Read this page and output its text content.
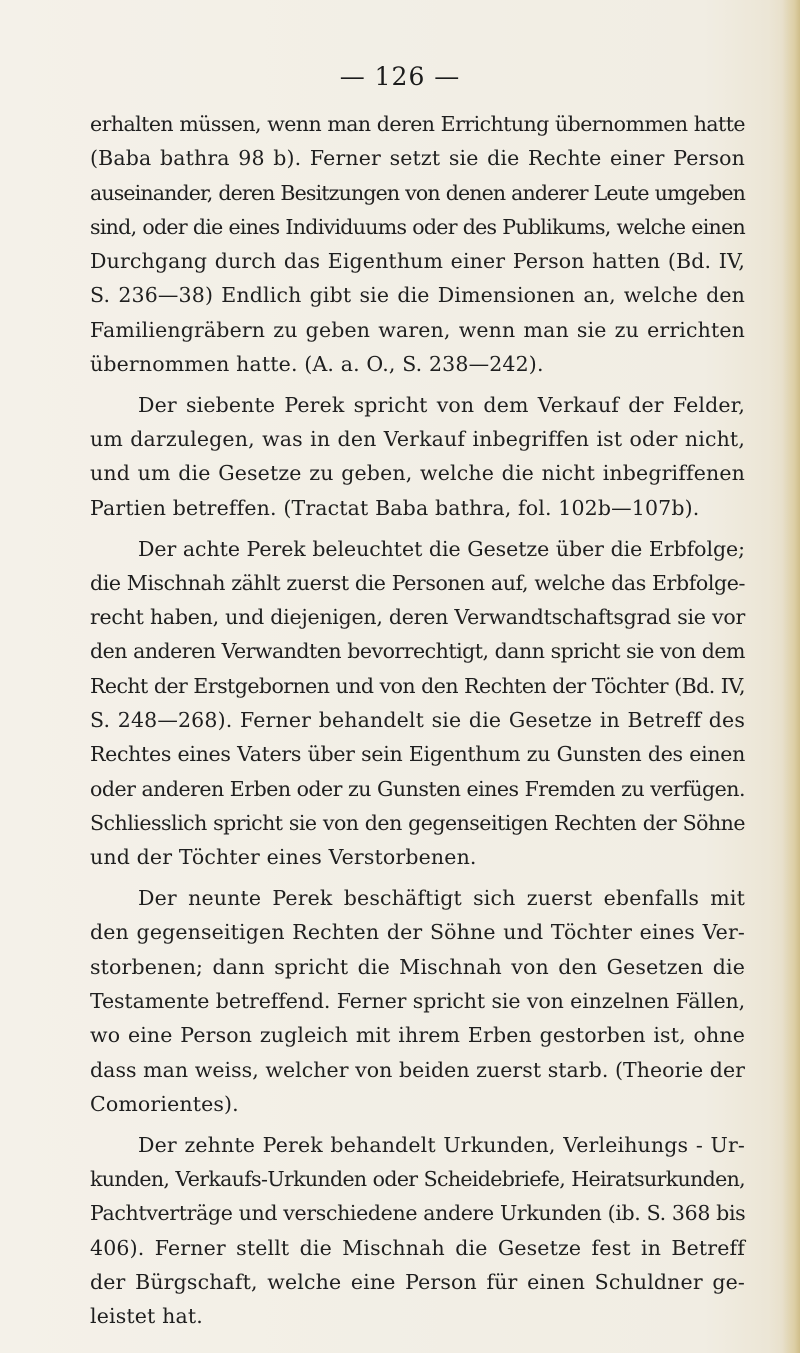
— 126 —
erhalten müssen, wenn man deren Errichtung übernommen hatte
(Baba bathra 98 b). Ferner setzt sie die Rechte einer Person
auseinander, deren Besitzungen von denen anderer Leute umgeben
sind, oder die eines Individuums oder des Publikums, welche einen
Durchgang durch das Eigenthum einer Person hatten (Bd. IV,
S. 236—38) Endlich gibt sie die Dimensionen an, welche den
Familiengräbern zu geben waren, wenn man sie zu errichten
übernommen hatte. (A. a. O., S. 238—242).
Der siebente Perek spricht von dem Verkauf der Felder,
um darzulegen, was in den Verkauf inbegriffen ist oder nicht,
und um die Gesetze zu geben, welche die nicht inbegriffenen
Partien betreffen. (Tractat Baba bathra, fol. 102b—107b).
Der achte Perek beleuchtet die Gesetze über die Erbfolge;
die Mischnah zählt zuerst die Personen auf, welche das Erbfolge-
recht haben, und diejenigen, deren Verwandtschaftsgrad sie vor
den anderen Verwandten bevorrechtigt, dann spricht sie von dem
Recht der Erstgebornen und von den Rechten der Töchter (Bd. IV,
S. 248—268). Ferner behandelt sie die Gesetze in Betreff des
Rechtes eines Vaters über sein Eigenthum zu Gunsten des einen
oder anderen Erben oder zu Gunsten eines Fremden zu verfügen.
Schliesslich spricht sie von den gegenseitigen Rechten der Söhne
und der Töchter eines Verstorbenen.
Der neunte Perek beschäftigt sich zuerst ebenfalls mit
den gegenseitigen Rechten der Söhne und Töchter eines Ver-
storbenen; dann spricht die Mischnah von den Gesetzen die
Testamente betreffend. Ferner spricht sie von einzelnen Fällen,
wo eine Person zugleich mit ihrem Erben gestorben ist, ohne
dass man weiss, welcher von beiden zuerst starb. (Theorie der
Comorientes).
Der zehnte Perek behandelt Urkunden, Verleihungs - Ur-
kunden, Verkaufs-Urkunden oder Scheidebriefe, Heiratsurkunden,
Pachtverträge und verschiedene andere Urkunden (ib. S. 368 bis
406). Ferner stellt die Mischnah die Gesetze fest in Betreff
der Bürgschaft, welche eine Person für einen Schuldner ge-
leistet hat.
